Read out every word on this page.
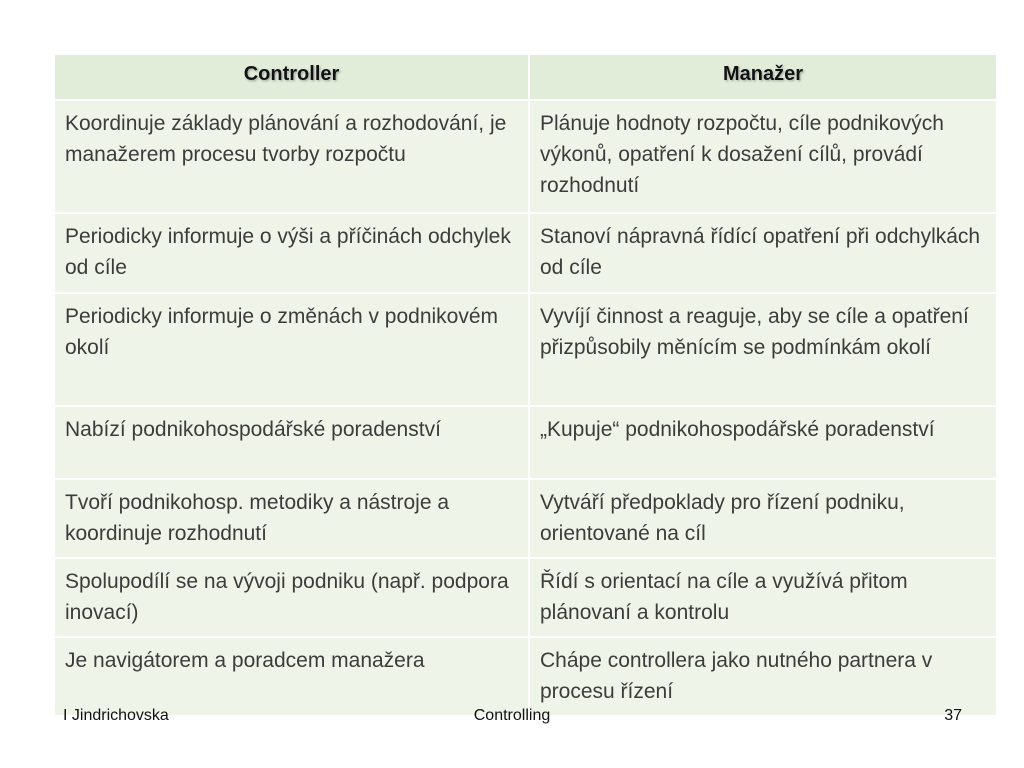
Controller	Manažer
Koordinuje základy plánování a rozhodování, je manažerem procesu tvorby rozpočtu	Plánuje hodnoty rozpočtu, cíle podnikových výkonů, opatření k dosažení cílů, provádí rozhodnutí
Periodicky informuje o výši a příčinách odchylek od cíle	Stanoví nápravná řídící opatření při odchylkách od cíle
Periodicky informuje o změnách v podnikovém okolí	Vyvíjí činnost a reaguje, aby se cíle a opatření přizpůsobily měnícím se podmínkám okolí
Nabízí podnikohospodářské poradenství	„Kupuje“ podnikohospodářské poradenství
Tvoří podnikohosp. metodiky a nástroje a koordinuje rozhodnutí	Vytváří předpoklady pro řízení podniku, orientované na cíl
Spolupodílí se na vývoji podniku (např. podpora inovací)	Řídí s orientací na cíle a využívá přitom plánovaní a kontrolu
Je navigátorem a poradcem manažera	Chápe controllera jako nutného partnera v procesu řízení
I Jindrichovska	Controlling	37
